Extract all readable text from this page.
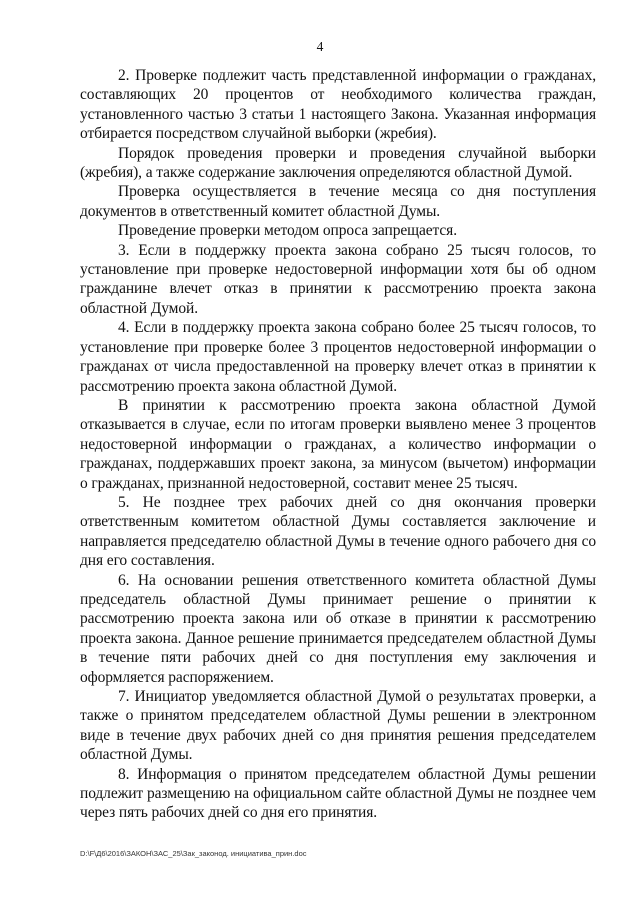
4

2. Проверке подлежит часть представленной информации о гражданах, составляющих 20 процентов от необходимого количества граждан, установленного частью 3 статьи 1 настоящего Закона. Указанная информация отбирается посредством случайной выборки (жребия).

Порядок проведения проверки и проведения случайной выборки (жребия), а также содержание заключения определяются областной Думой.

Проверка осуществляется в течение месяца со дня поступления документов в ответственный комитет областной Думы.

Проведение проверки методом опроса запрещается.

3. Если в поддержку проекта закона собрано 25 тысяч голосов, то установление при проверке недостоверной информации хотя бы об одном гражданине влечет отказ в принятии к рассмотрению проекта закона областной Думой.

4. Если в поддержку проекта закона собрано более 25 тысяч голосов, то установление при проверке более 3 процентов недостоверной информации о гражданах от числа предоставленной на проверку влечет отказ в принятии к рассмотрению проекта закона областной Думой.

В принятии к рассмотрению проекта закона областной Думой отказывается в случае, если по итогам проверки выявлено менее 3 процентов недостоверной информации о гражданах, а количество информации о гражданах, поддержавших проект закона, за минусом (вычетом) информации о гражданах, признанной недостоверной, составит менее 25 тысяч.

5. Не позднее трех рабочих дней со дня окончания проверки ответственным комитетом областной Думы составляется заключение и направляется председателю областной Думы в течение одного рабочего дня со дня его составления.

6. На основании решения ответственного комитета областной Думы председатель областной Думы принимает решение о принятии к рассмотрению проекта закона или об отказе в принятии к рассмотрению проекта закона. Данное решение принимается председателем областной Думы в течение пяти рабочих дней со дня поступления ему заключения и оформляется распоряжением.

7. Инициатор уведомляется областной Думой о результатах проверки, а также о принятом председателем областной Думы решении в электронном виде в течение двух рабочих дней со дня принятия решения председателем областной Думы.

8. Информация о принятом председателем областной Думы решении подлежит размещению на официальном сайте областной Думы не позднее чем через пять рабочих дней со дня его принятия.

D:\F\Д6\2016\ЗАКОН\ЗАС_25\Зак_законод. инициатива_прин.doc
